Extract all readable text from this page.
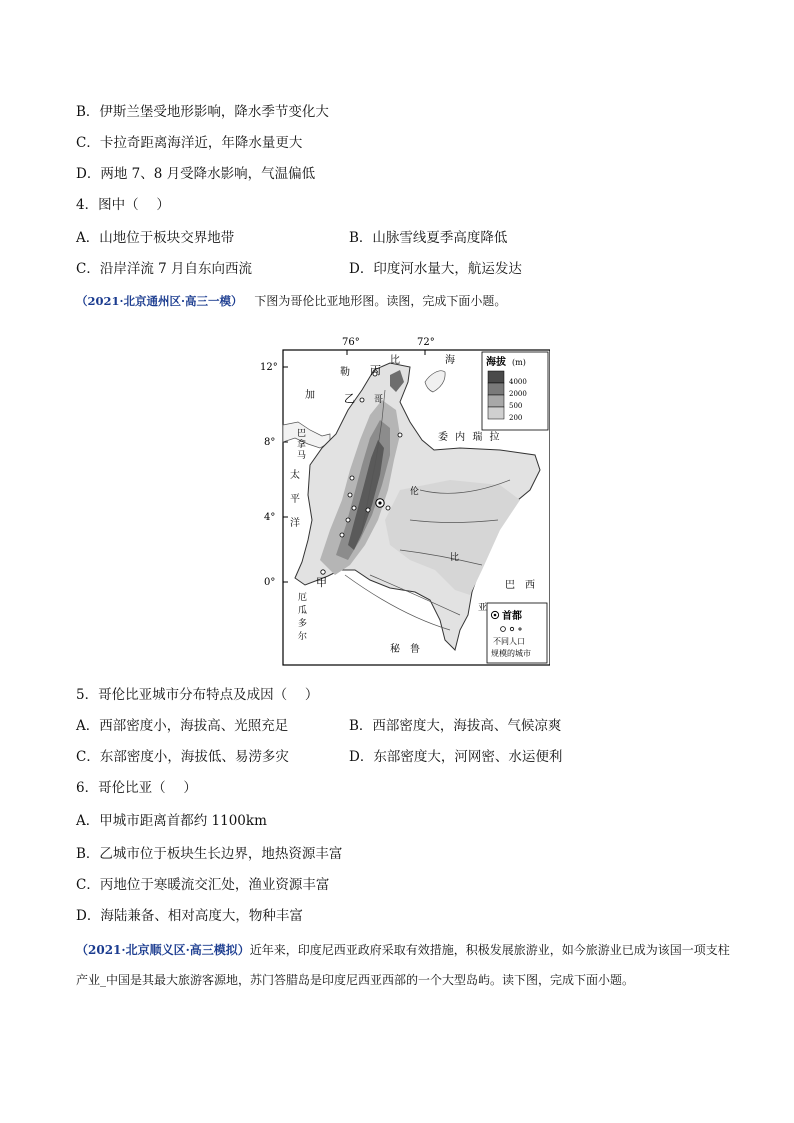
B．伊斯兰堡受地形影响，降水季节变化大
C．卡拉奇距离海洋近，年降水量更大
D．两地 7、8 月受降水影响，气温偏低
4．图中（　 ）
A．山地位于板块交界地带	B．山脉雪线夏季高度降低
C．沿岸洋流 7 月自东向西流	D．印度河水量大，航运发达
（2021·北京通州区·高三一模） 下图为哥伦比亚地形图。读图，完成下面小题。
76°	72°
12°
8°
4°
0°
丙
乙
甲
加
勒
比	海
巴
拿
马
太
平
洋
哥
伦
比
亚
委 内 瑞 拉
巴　西
秘　鲁
厄
瓜
多
尔
海拔 (m)
4000
2000
500
200
首都
不同人口
规模的城市
5．哥伦比亚城市分布特点及成因（　 ）
A．西部密度小，海拔高、光照充足	B．西部密度大，海拔高、气候凉爽
C．东部密度小，海拔低、易涝多灾	D．东部密度大，河网密、水运便利
6．哥伦比亚（　 ）
A．甲城市距离首都约 1100km
B．乙城市位于板块生长边界，地热资源丰富
C．丙地位于寒暖流交汇处，渔业资源丰富
D．海陆兼备、相对高度大，物种丰富
（2021·北京顺义区·高三模拟）近年来，印度尼西亚政府采取有效措施，积极发展旅游业，如今旅游业已成为该国一项支柱产业_中国是其最大旅游客源地，苏门答腊岛是印度尼西亚西部的一个大型岛屿。读下图，完成下面小题。
